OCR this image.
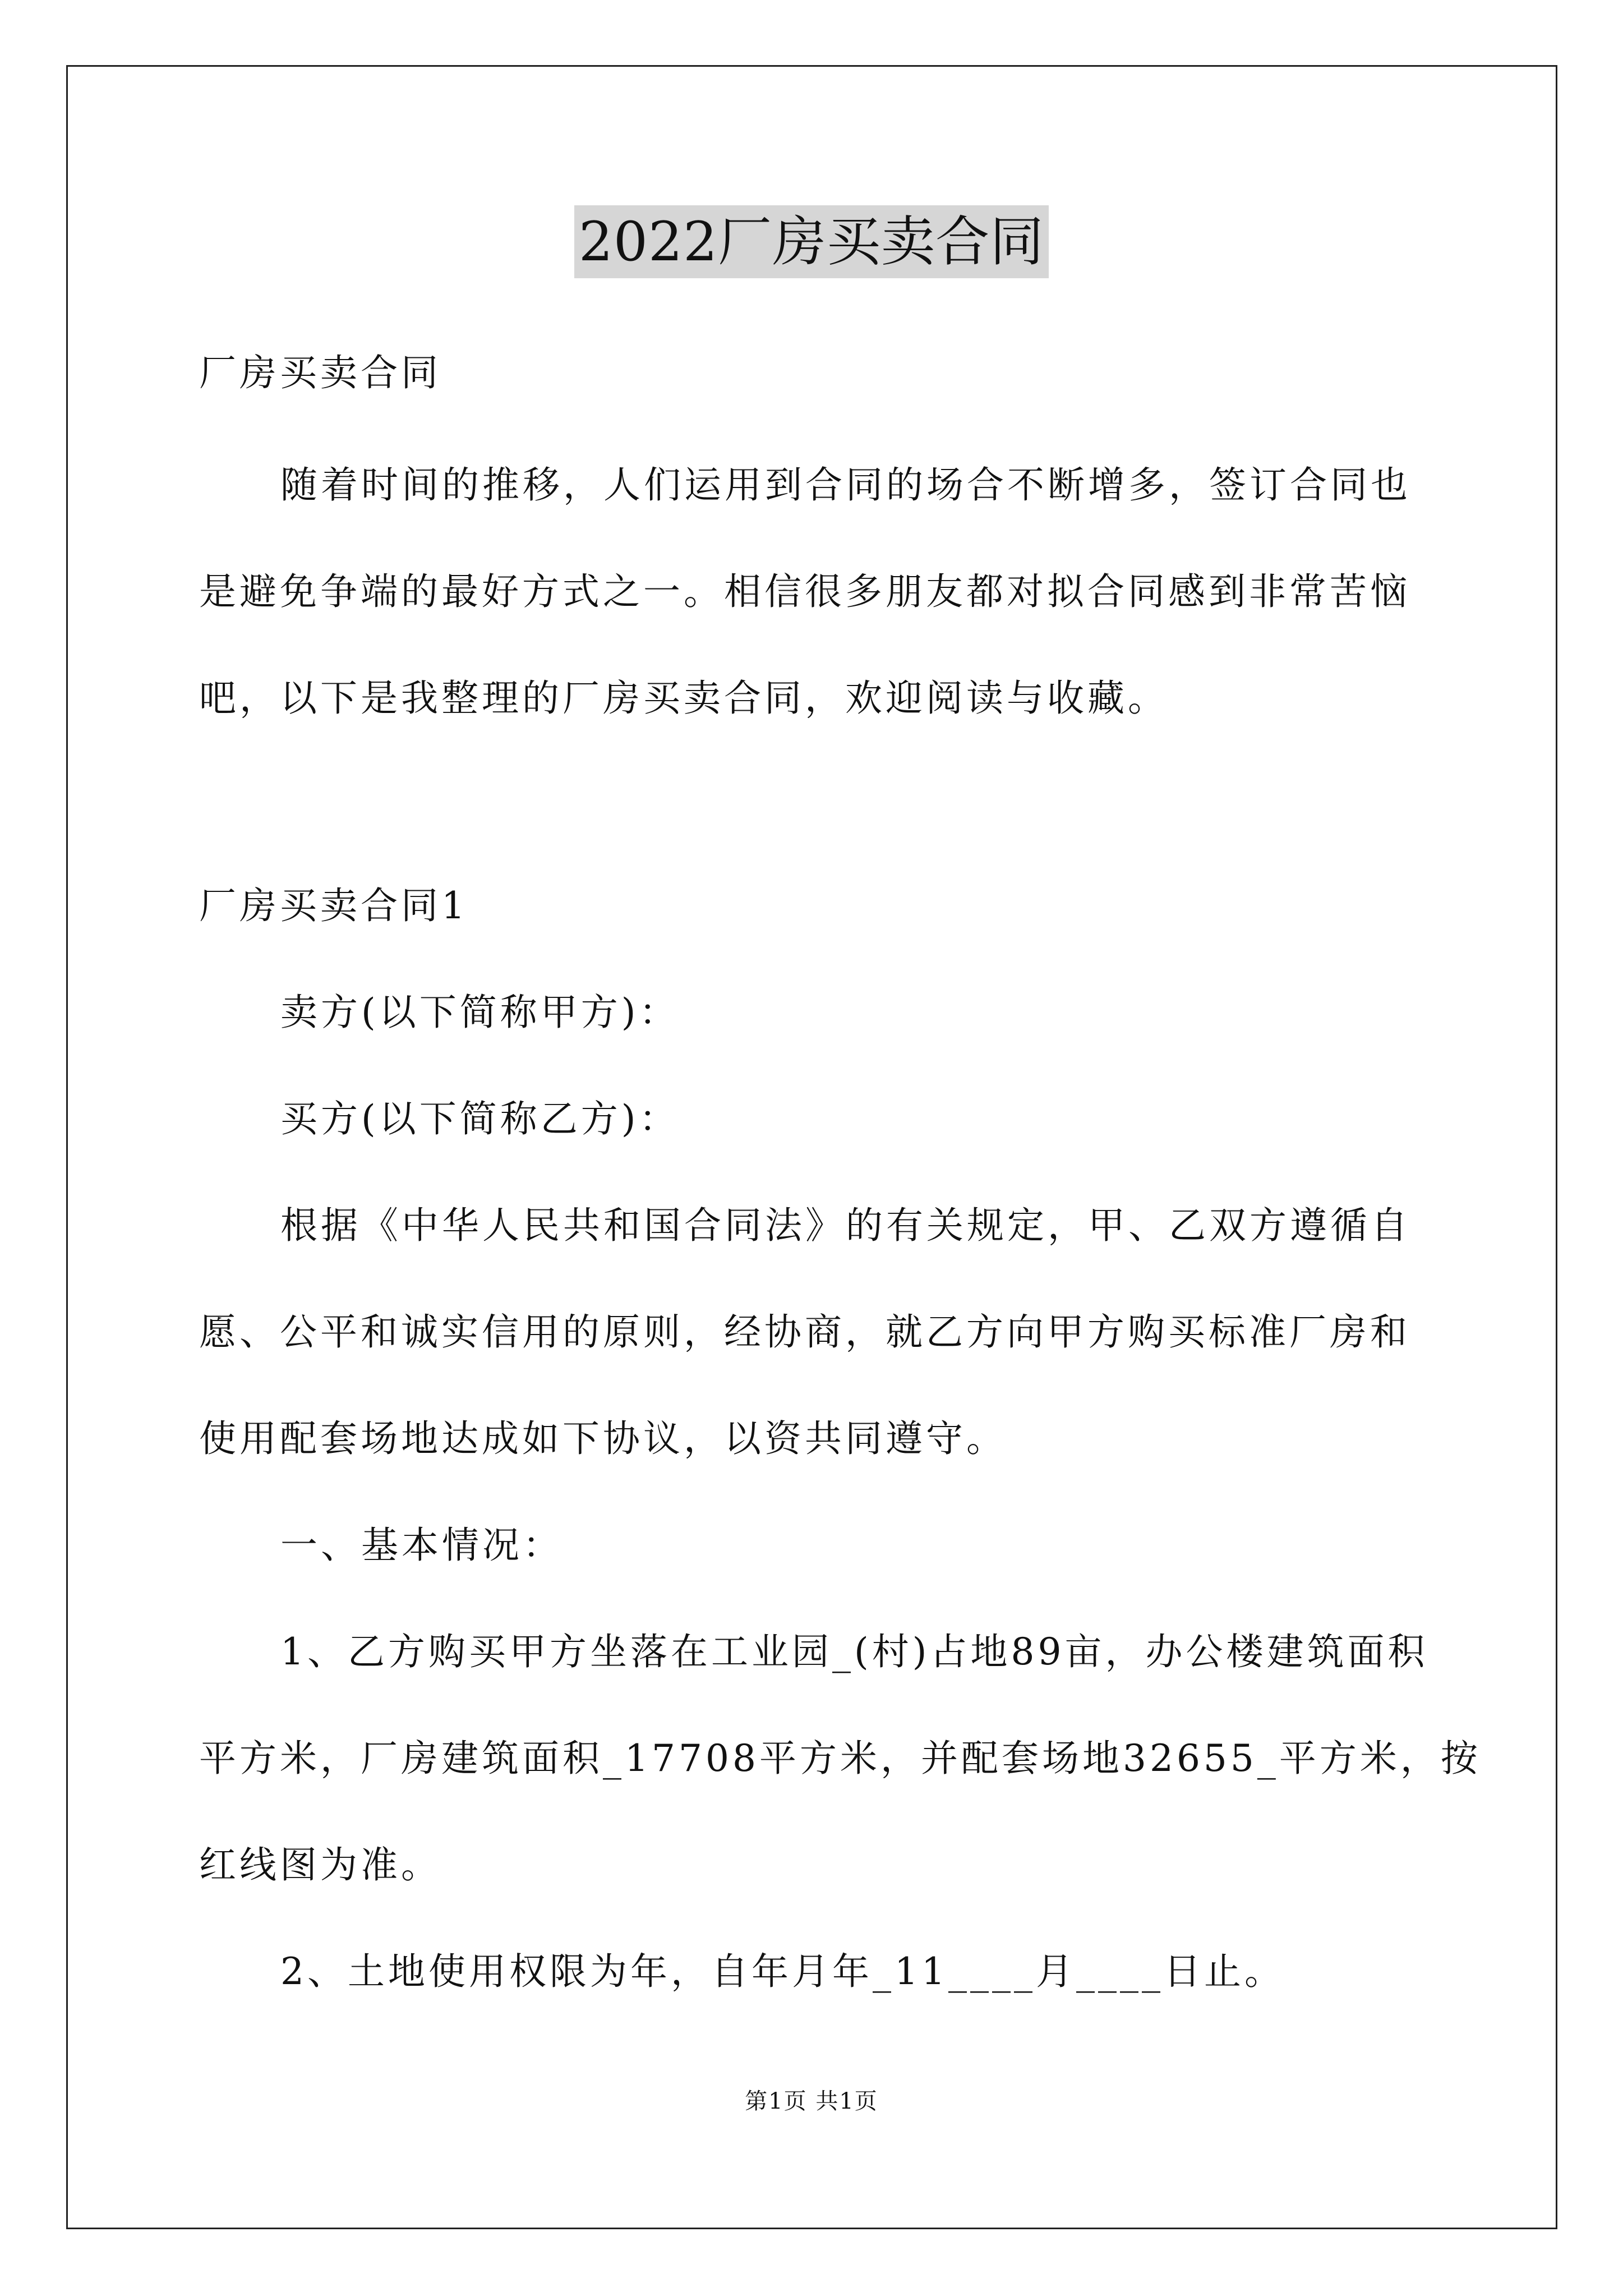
2022厂房买卖合同
厂房买卖合同
随着时间的推移，人们运用到合同的场合不断增多，签订合同也
是避免争端的最好方式之一。相信很多朋友都对拟合同感到非常苦恼
吧，以下是我整理的厂房买卖合同，欢迎阅读与收藏。
厂房买卖合同1
卖方(以下简称甲方)：
买方(以下简称乙方)：
根据《中华人民共和国合同法》的有关规定，甲、乙双方遵循自
愿、公平和诚实信用的原则，经协商，就乙方向甲方购买标准厂房和
使用配套场地达成如下协议，以资共同遵守。
一、基本情况：
1、乙方购买甲方坐落在工业园_(村)占地89亩，办公楼建筑面积
平方米，厂房建筑面积_17708平方米，并配套场地32655_平方米，按
红线图为准。
2、土地使用权限为年，自年月年_11____月____日止。
第1页 共1页
